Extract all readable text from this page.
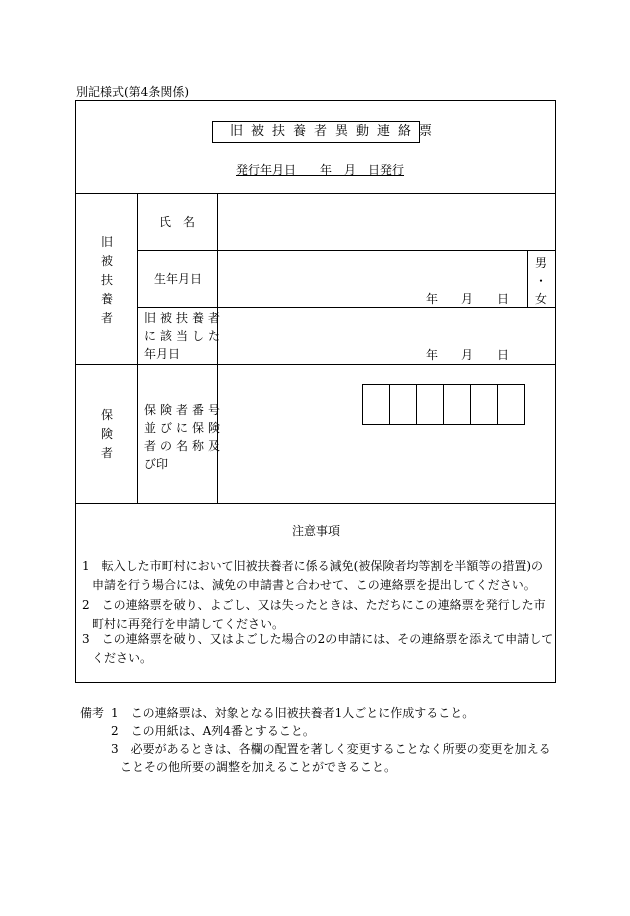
別記様式(第4条関係)
旧被扶養者異動連絡票
発行年月日　　年　月　日発行
旧被扶養者
保険者
氏　名
生年月日
年 月 日
男
・
女
旧被扶養者
に該当した
年月日	年 月 日
保険者番号
並びに保険
者の名称及
び印
注意事項
1　転入した市町村において旧被扶養者に係る減免(被保険者均等割を半額等の措置)の
申請を行う場合には、減免の申請書と合わせて、この連絡票を提出してください。
2　この連絡票を破り、よごし、又は失ったときは、ただちにこの連絡票を発行した市
町村に再発行を申請してください。
3　この連絡票を破り、又はよごした場合の2の申請には、その連絡票を添えて申請して
ください。
備考 1　この連絡票は、対象となる旧被扶養者1人ごとに作成すること。
2　この用紙は、A列4番とすること。
3　必要があるときは、各欄の配置を著しく変更することなく所要の変更を加える
ことその他所要の調整を加えることができること。
